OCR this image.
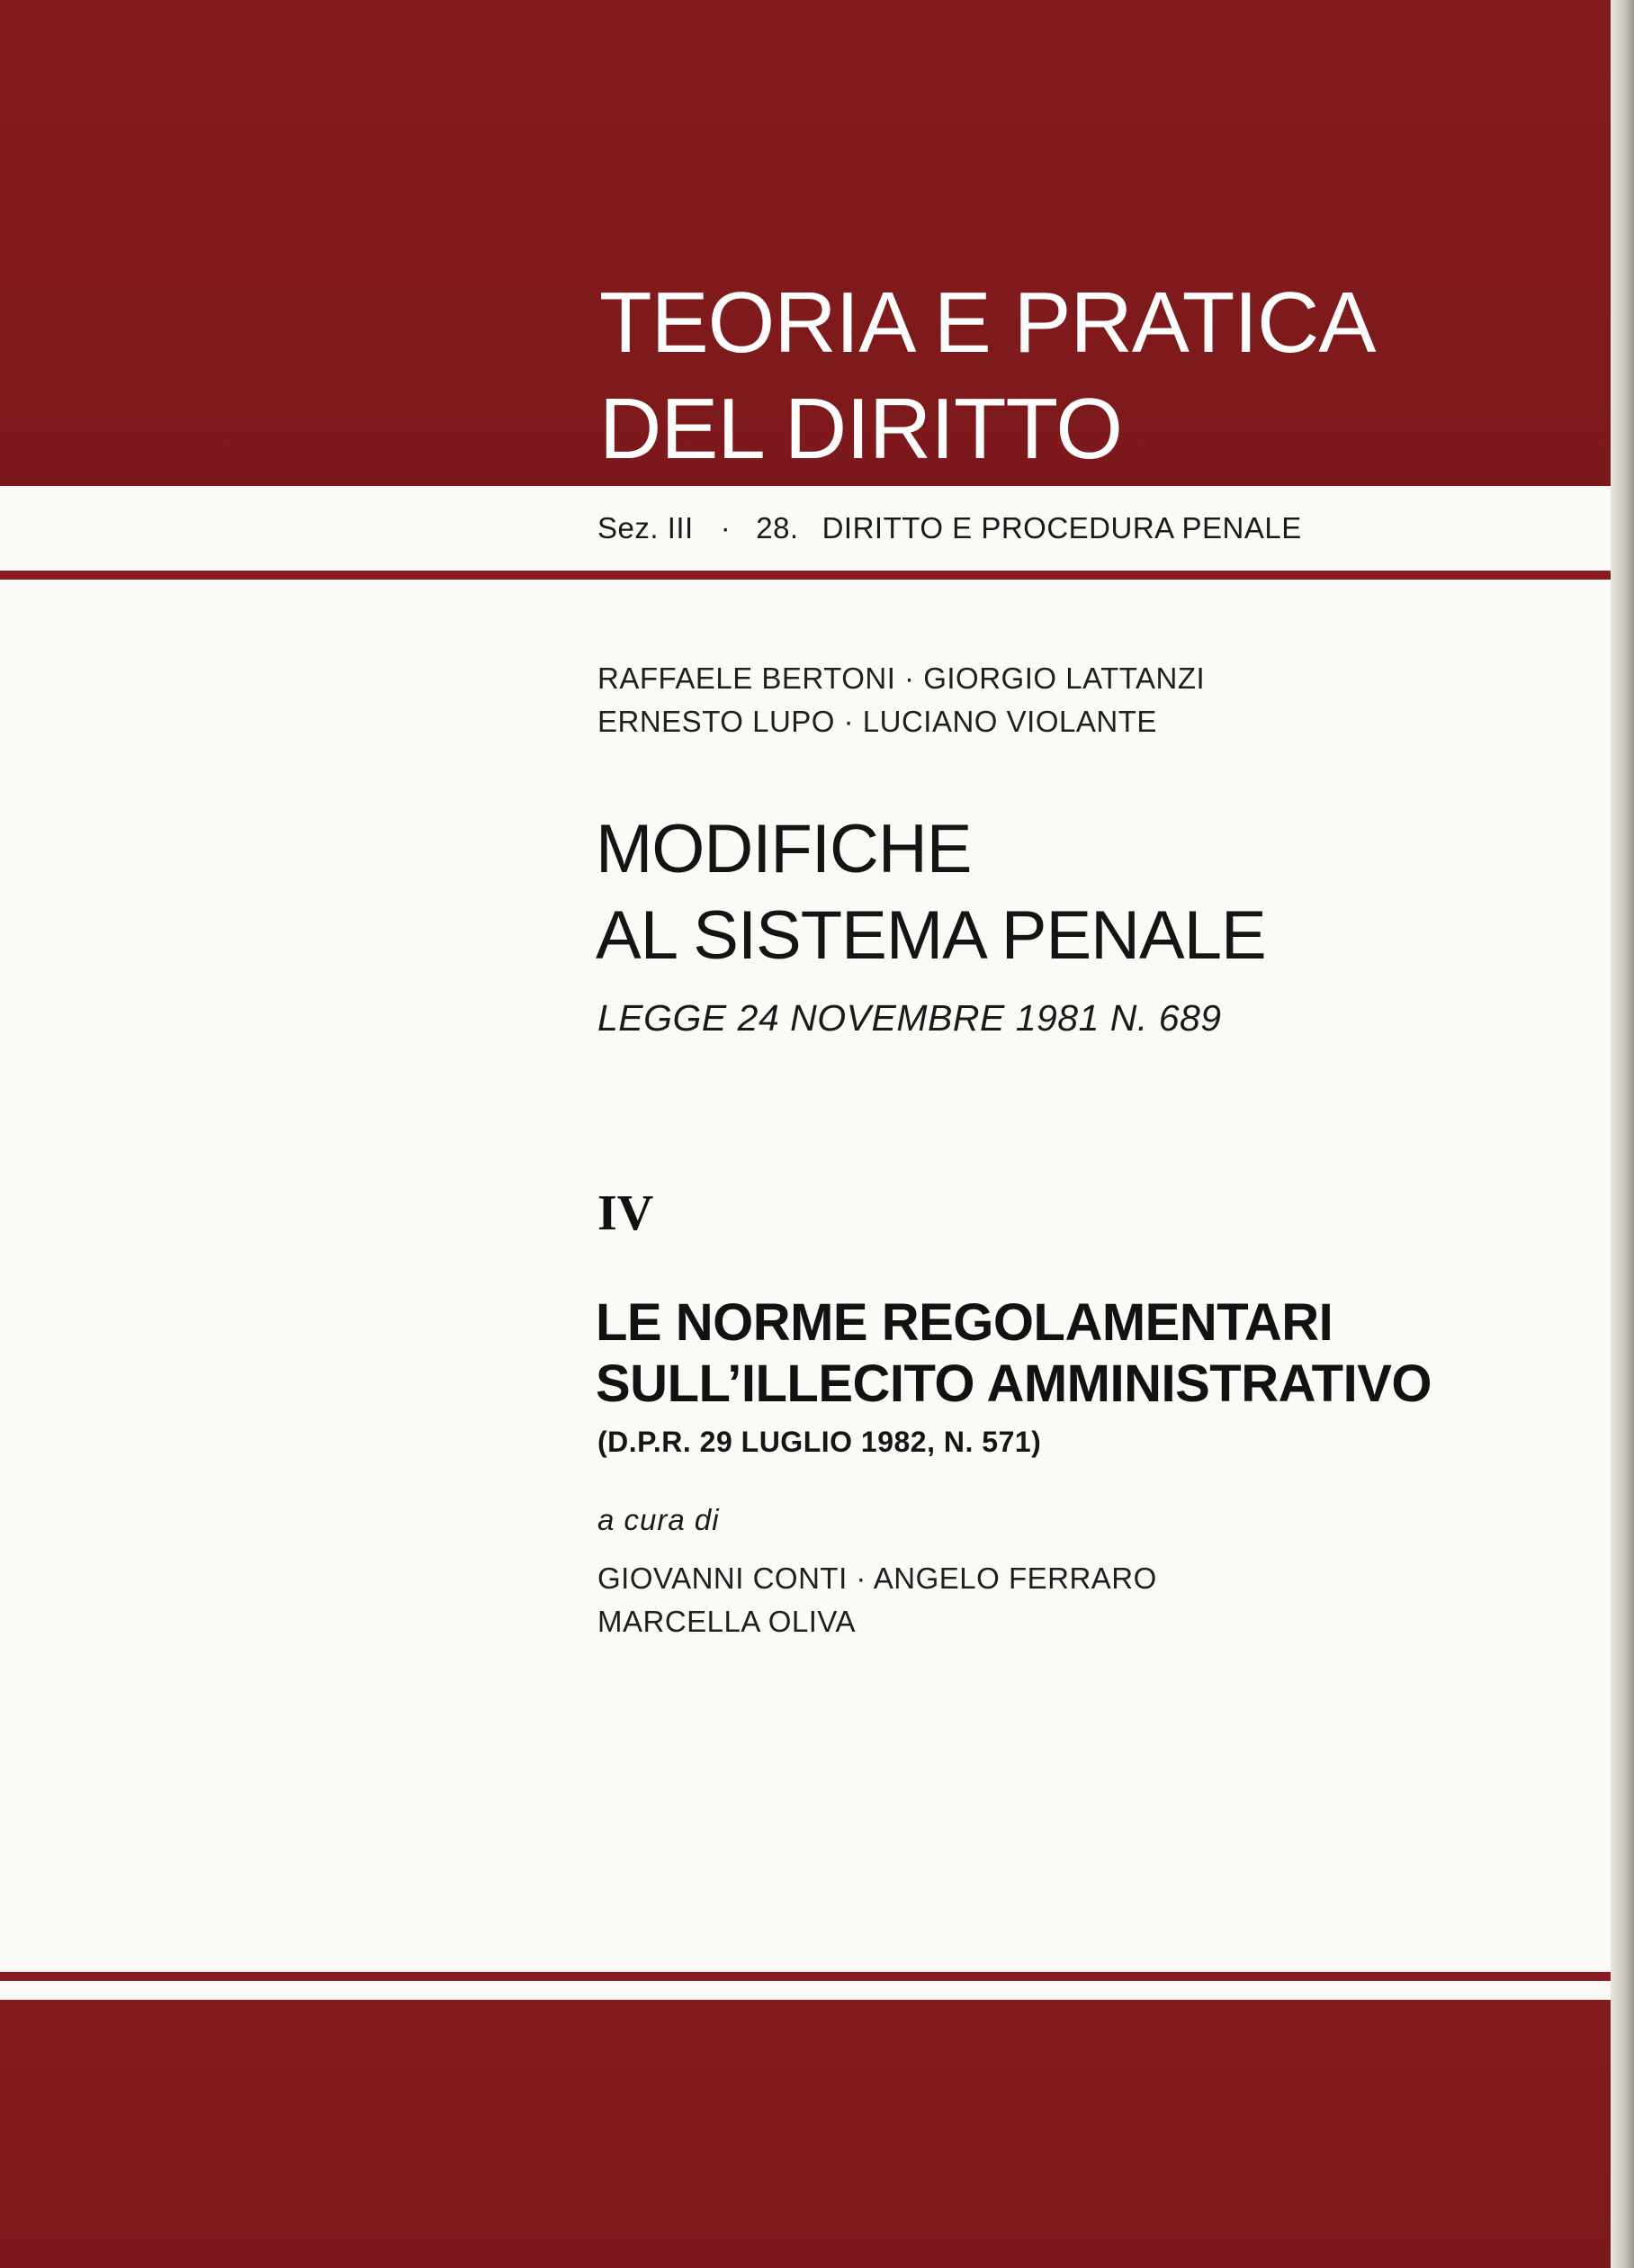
TEORIA E PRATICA
DEL DIRITTO
Sez. III · 28. DIRITTO E PROCEDURA PENALE
RAFFAELE BERTONI · GIORGIO LATTANZI
ERNESTO LUPO · LUCIANO VIOLANTE
MODIFICHE
AL SISTEMA PENALE
LEGGE 24 NOVEMBRE 1981 N. 689
IV
LE NORME REGOLAMENTARI
SULL’ILLECITO AMMINISTRATIVO
(D.P.R. 29 LUGLIO 1982, N. 571)
a cura di
GIOVANNI CONTI · ANGELO FERRARO
MARCELLA OLIVA
